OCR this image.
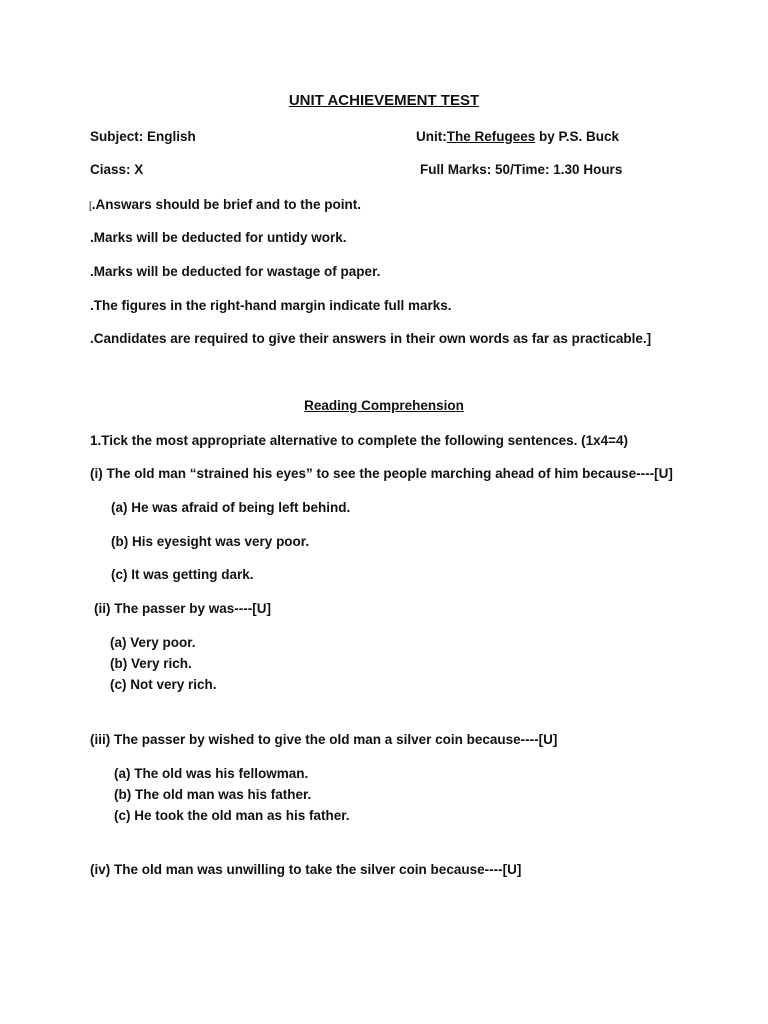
UNIT ACHIEVEMENT TEST
Subject: English	Unit:The Refugees by P.S. Buck
Ciass: X	Full Marks: 50/Time: 1.30 Hours
[.Answars should be brief and to the point.
.Marks will be deducted for untidy work.
.Marks will be deducted for wastage of paper.
.The figures in the right-hand margin indicate full marks.
.Candidates are required to give their answers in their own words as far as practicable.]
Reading Comprehension
1.Tick the most appropriate alternative to complete the following sentences. (1x4=4)
(i) The old man “strained his eyes” to see the people marching ahead of him because----[U]
(a) He was afraid of being left behind.
(b) His eyesight was very poor.
(c) It was getting dark.
(ii) The passer by was----[U]
(a) Very poor.
(b) Very rich.
(c) Not very rich.
(iii) The passer by wished to give the old man a silver coin because----[U]
(a) The old was his fellowman.
(b) The old man was his father.
(c) He took the old man as his father.
(iv) The old man was unwilling to take the silver coin because----[U]
